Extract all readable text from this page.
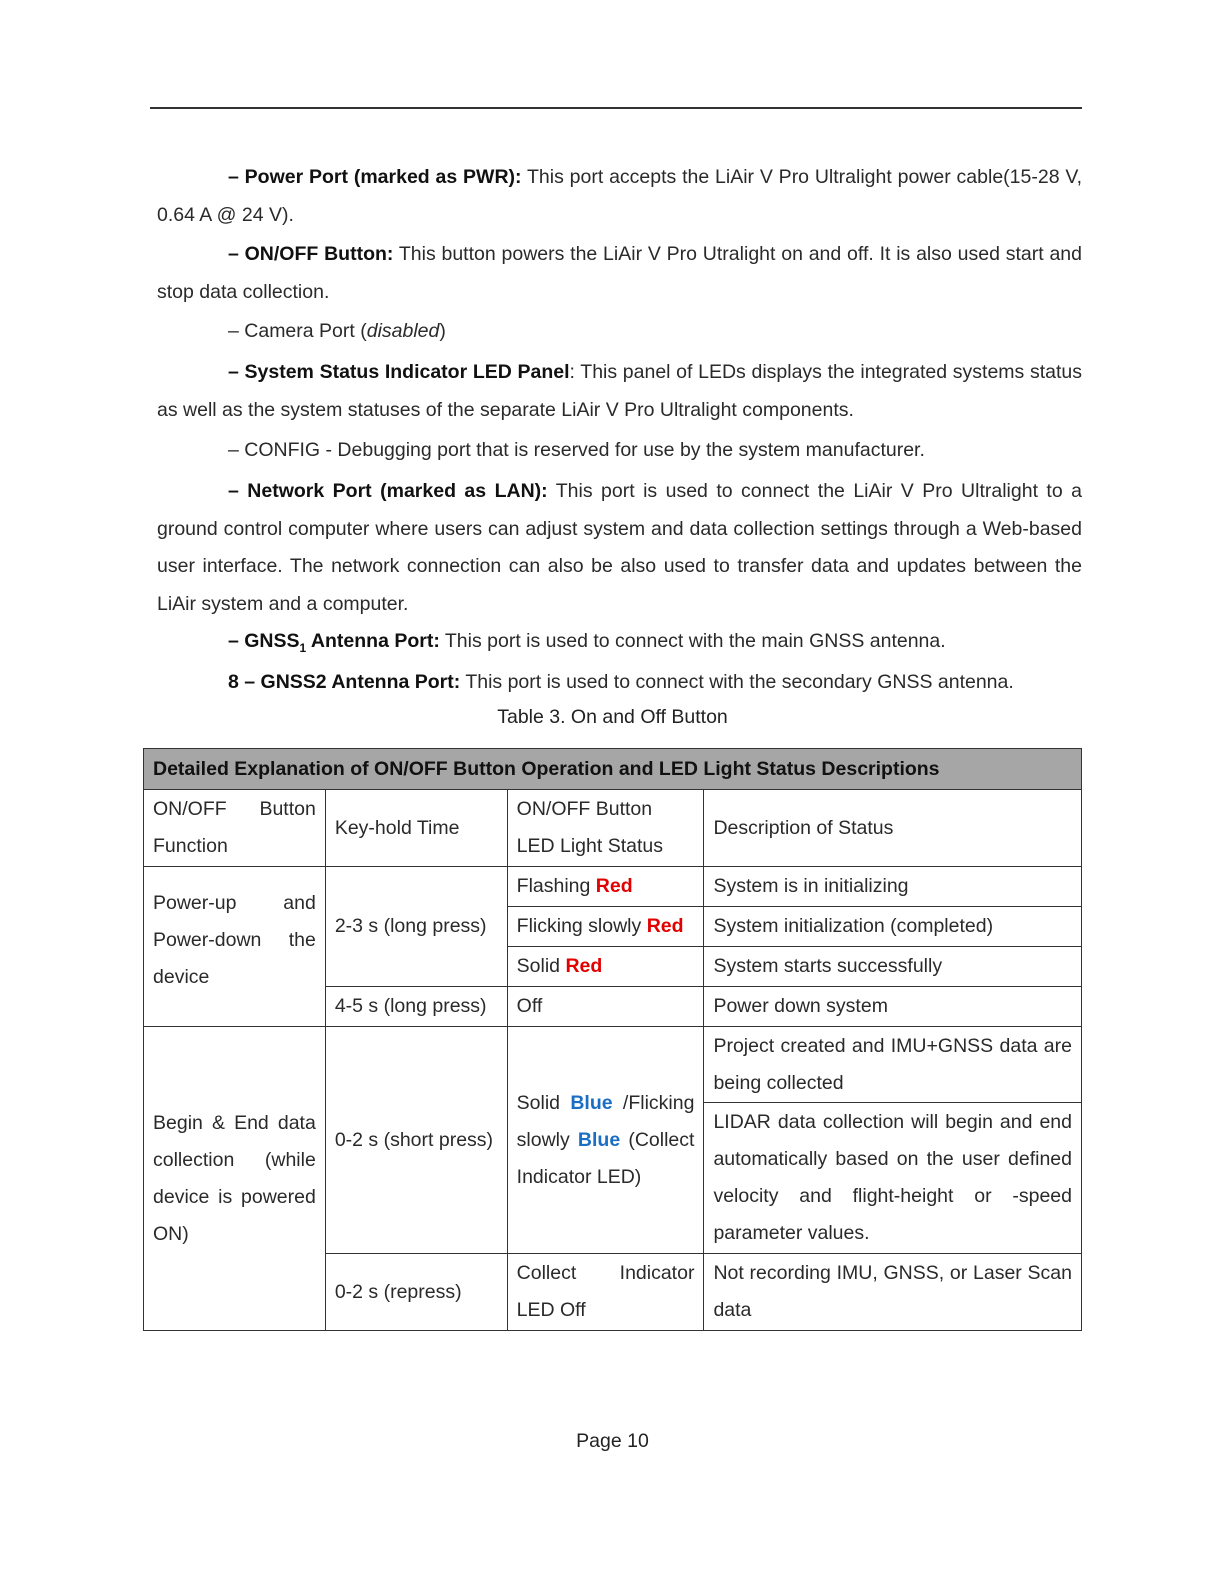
– Power Port (marked as PWR): This port accepts the LiAir V Pro Ultralight power cable(15-28 V, 0.64 A @ 24 V).
– ON/OFF Button: This button powers the LiAir V Pro Utralight on and off. It is also used start and stop data collection.
– Camera Port (disabled)
– System Status Indicator LED Panel: This panel of LEDs displays the integrated systems status as well as the system statuses of the separate LiAir V Pro Ultralight components.
– CONFIG - Debugging port that is reserved for use by the system manufacturer.
– Network Port (marked as LAN): This port is used to connect the LiAir V Pro Ultralight to a ground control computer where users can adjust system and data collection settings through a Web-based user interface. The network connection can also be also used to transfer data and updates between the LiAir system and a computer.
– $GNSS_1$ Antenna Port: This port is used to connect with the main GNSS antenna.
8 – GNSS2 Antenna Port: This port is used to connect with the secondary GNSS antenna.
Table 3. On and Off Button
Detailed Explanation of ON/OFF Button Operation and LED Light Status Descriptions			
ON/OFF Button Function	Key-hold Time	ON/OFF Button LED Light Status	Description of Status
Power-up and Power-down the device	2-3 s (long press)	Flashing Red	System is in initializing
		Flicking slowly Red	System initialization (completed)
		Solid Red	System starts successfully
	4-5 s (long press)	Off	Power down system
Begin & End data collection (while device is powered ON)	0-2 s (short press)	Solid Blue /Flicking slowly Blue (Collect Indicator LED)	Project created and IMU+GNSS data are being collected
			LIDAR data collection will begin and end automatically based on the user defined velocity and flight-height or -speed parameter values.
	0-2 s (repress)	Collect Indicator LED Off	Not recording IMU, GNSS, or Laser Scan data
Page 10
